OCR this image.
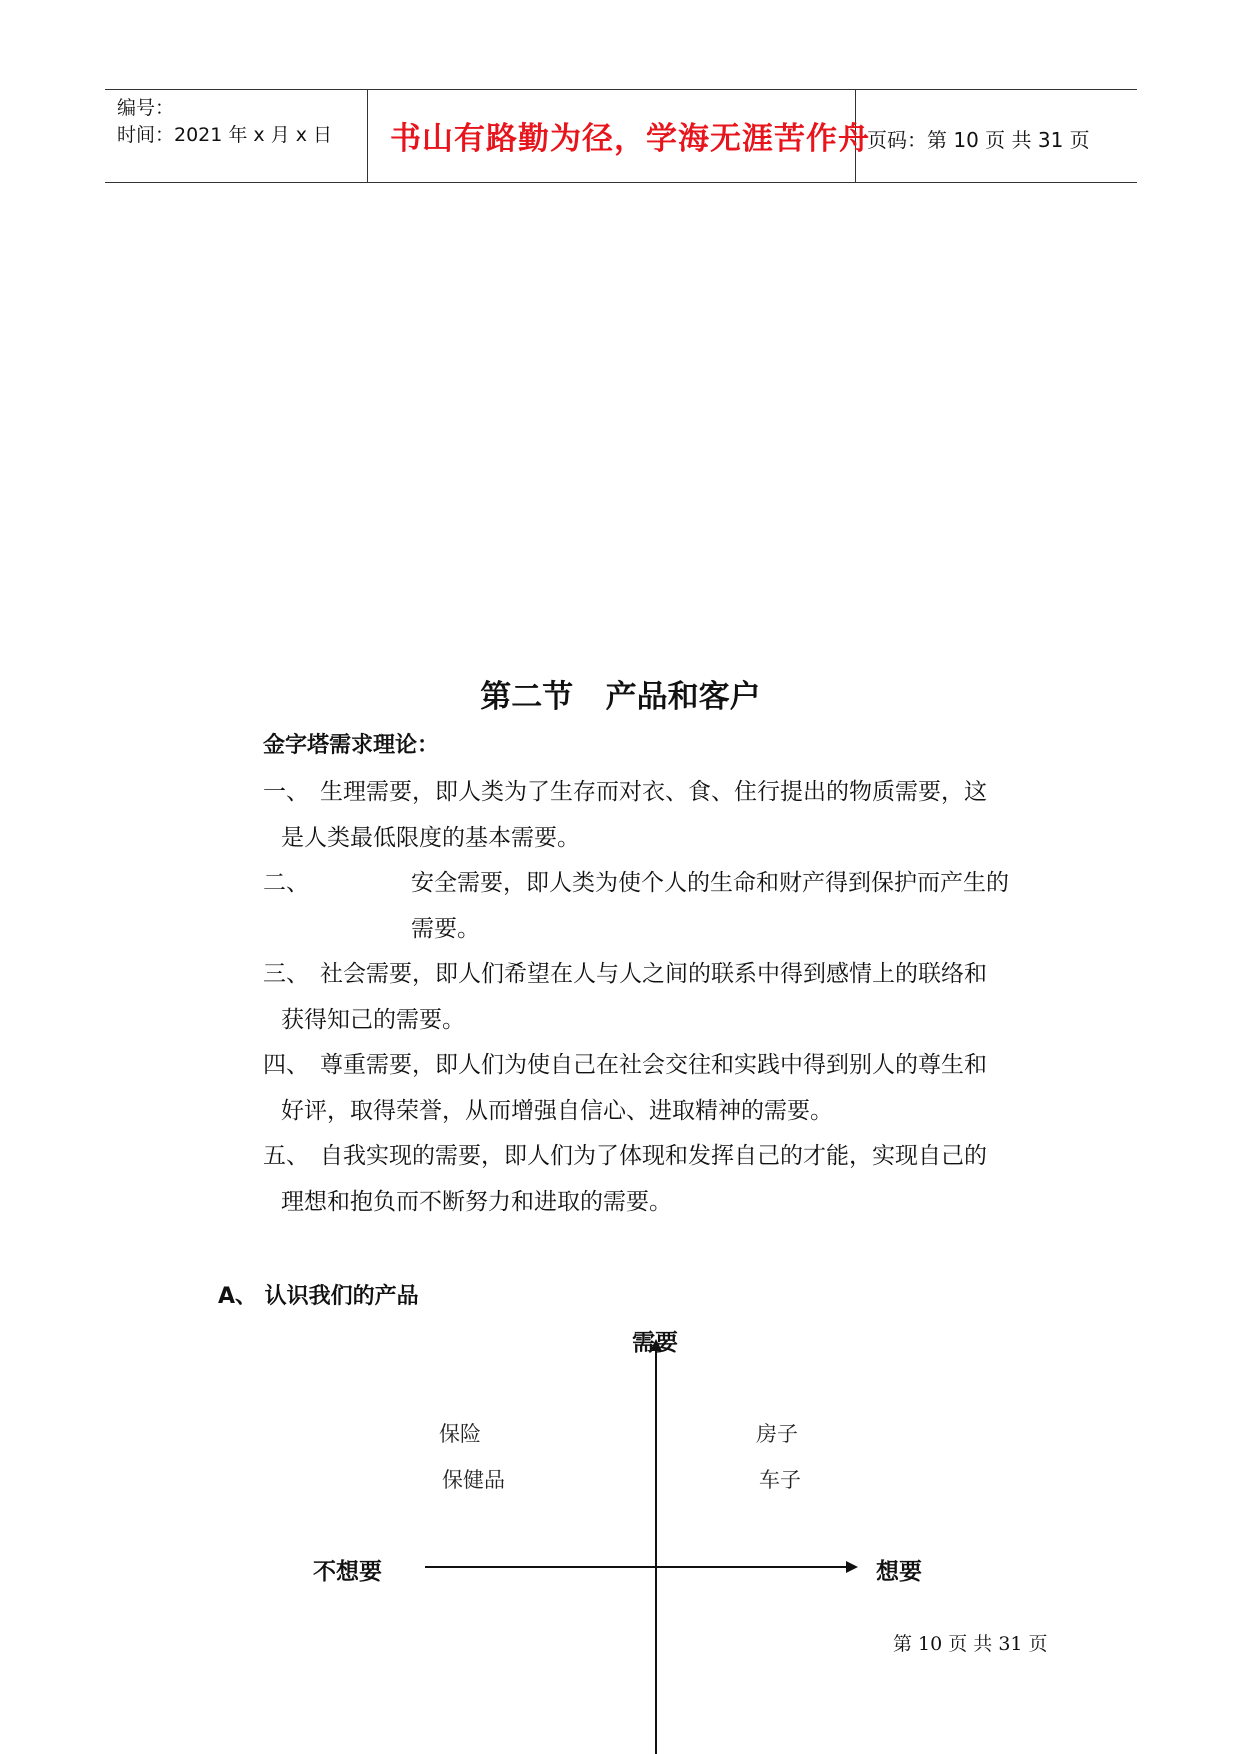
编号：
时间：2021 年 x 月 x 日 书山有路勤为径，学海无涯苦作舟
页码：第 10 页 共 31 页
第二节   产品和客户
金字塔需求理论：
一、 生理需要，即人类为了生存而对衣、食、住行提出的物质需要，这
是人类最低限度的基本需要。
二、	安全需要，即人类为使个人的生命和财产得到保护而产生的
需要。
三、 社会需要，即人们希望在人与人之间的联系中得到感情上的联络和
获得知己的需要。
四、 尊重需要，即人们为使自己在社会交往和实践中得到别人的尊生和
好评，取得荣誉，从而增强自信心、进取精神的需要。
五、 自我实现的需要，即人们为了体现和发挥自己的才能，实现自己的
理想和抱负而不断努力和进取的需要。
A、 认识我们的产品
需要
不想要	想要
保险
保健品
房子
车子
第 10 页 共 31 页
